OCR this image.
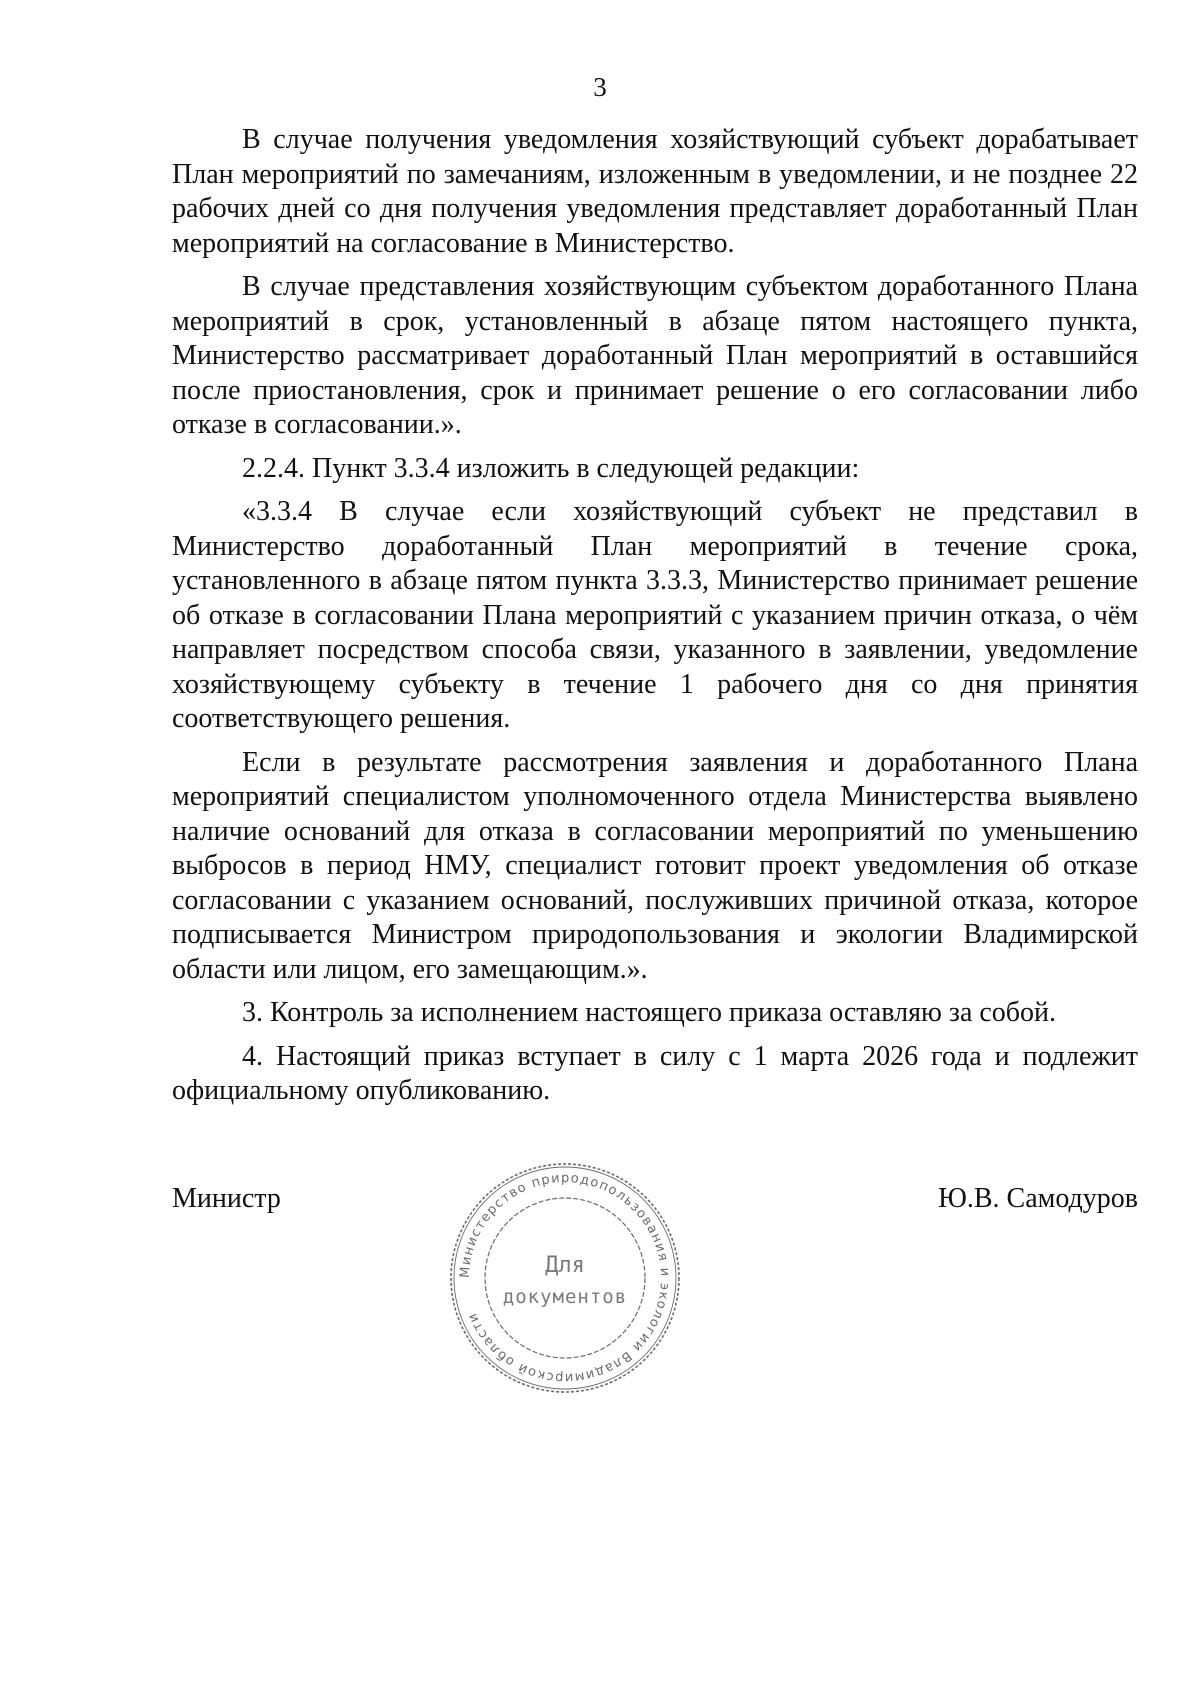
3

В случае получения уведомления хозяйствующий субъект дорабатывает План мероприятий по замечаниям, изложенным в уведомлении, и не позднее 22 рабочих дней со дня получения уведомления представляет доработанный План мероприятий на согласование в Министерство.

В случае представления хозяйствующим субъектом доработанного Плана мероприятий в срок, установленный в абзаце пятом настоящего пункта, Министерство рассматривает доработанный План мероприятий в оставшийся после приостановления, срок и принимает решение о его согласовании либо отказе в согласовании.».

2.2.4. Пункт 3.3.4 изложить в следующей редакции:

«3.3.4 В случае если хозяйствующий субъект не представил в Министерство доработанный План мероприятий в течение срока, установленного в абзаце пятом пункта 3.3.3, Министерство принимает решение об отказе в согласовании Плана мероприятий с указанием причин отказа, о чём направляет посредством способа связи, указанного в заявлении, уведомление хозяйствующему субъекту в течение 1 рабочего дня со дня принятия соответствующего решения.

Если в результате рассмотрения заявления и доработанного Плана мероприятий специалистом уполномоченного отдела Министерства выявлено наличие оснований для отказа в согласовании мероприятий по уменьшению выбросов в период НМУ, специалист готовит проект уведомления об отказе согласовании с указанием оснований, послуживших причиной отказа, которое подписывается Министром природопользования и экологии Владимирской области или лицом, его замещающим.».

3. Контроль за исполнением настоящего приказа оставляю за собой.

4. Настоящий приказ вступает в силу с 1 марта 2026 года и подлежит официальному опубликованию.

Министр	Ю.В. Самодуров
Министерство природопользования и экологии Владимирской области
Для
документов
